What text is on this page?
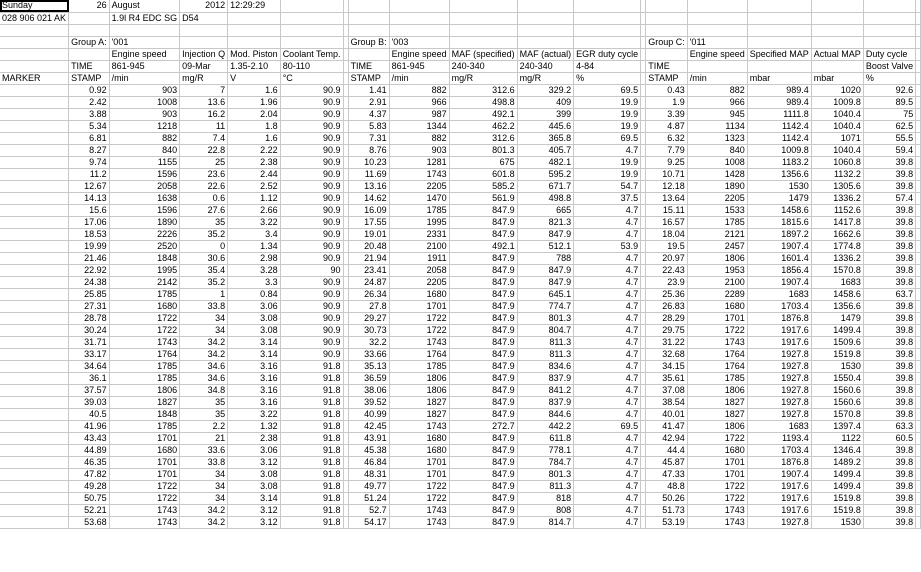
Sunday	26	August	2012	12:29:29														
028 906 021 AK		1.9l R4 EDC SG	D54															

	Group A:	'001					Group B:	'003					Group C:	'011				
		Engine speed	Injection Q	Mod. Piston	Coolant Temp.			Engine speed	MAF (specified)	MAF (actual)	EGR duty cycle			Engine speed	Specified MAP	Actual MAP	Duty cycle	
	TIME	861-945	09-Mar	1.35-2.10	80-110		TIME	861-945	240-340	240-340	4-84		TIME				Boost Valve	
MARKER	STAMP	/min	mg/R	V	°C		STAMP	/min	mg/R	mg/R	%		STAMP	/min	mbar	mbar	%	
	0.92	903	7	1.6	90.9		1.41	882	312.6	329.2	69.5		0.43	882	989.4	1020	92.6	
	2.42	1008	13.6	1.96	90.9		2.91	966	498.8	409	19.9		1.9	966	989.4	1009.8	89.5	
	3.88	903	16.2	2.04	90.9		4.37	987	492.1	399	19.9		3.39	945	1111.8	1040.4	75	
	5.34	1218	11	1.8	90.9		5.83	1344	462.2	445.6	19.9		4.87	1134	1142.4	1040.4	62.5	
	6.81	882	7.4	1.6	90.9		7.31	882	312.6	365.8	69.5		6.32	1323	1142.4	1071	55.5	
	8.27	840	22.8	2.22	90.9		8.76	903	801.3	405.7	4.7		7.79	840	1009.8	1040.4	59.4	
	9.74	1155	25	2.38	90.9		10.23	1281	675	482.1	19.9		9.25	1008	1183.2	1060.8	39.8	
	11.2	1596	23.6	2.44	90.9		11.69	1743	601.8	595.2	19.9		10.71	1428	1356.6	1132.2	39.8	
	12.67	2058	22.6	2.52	90.9		13.16	2205	585.2	671.7	54.7		12.18	1890	1530	1305.6	39.8	
	14.13	1638	0.6	1.12	90.9		14.62	1470	561.9	498.8	37.5		13.64	2205	1479	1336.2	57.4	
	15.6	1596	27.6	2.66	90.9		16.09	1785	847.9	665	4.7		15.11	1533	1458.6	1152.6	39.8	
	17.06	1890	35	3.22	90.9		17.55	1995	847.9	821.3	4.7		16.57	1785	1815.6	1417.8	39.8	
	18.53	2226	35.2	3.4	90.9		19.01	2331	847.9	847.9	4.7		18.04	2121	1897.2	1662.6	39.8	
	19.99	2520	0	1.34	90.9		20.48	2100	492.1	512.1	53.9		19.5	2457	1907.4	1774.8	39.8	
	21.46	1848	30.6	2.98	90.9		21.94	1911	847.9	788	4.7		20.97	1806	1601.4	1336.2	39.8	
	22.92	1995	35.4	3.28	90		23.41	2058	847.9	847.9	4.7		22.43	1953	1856.4	1570.8	39.8	
	24.38	2142	35.2	3.3	90.9		24.87	2205	847.9	847.9	4.7		23.9	2100	1907.4	1683	39.8	
	25.85	1785	1	0.84	90.9		26.34	1680	847.9	645.1	4.7		25.36	2289	1683	1458.6	63.7	
	27.31	1680	33.8	3.06	90.9		27.8	1701	847.9	774.7	4.7		26.83	1680	1703.4	1356.6	39.8	
	28.78	1722	34	3.08	90.9		29.27	1722	847.9	801.3	4.7		28.29	1701	1876.8	1479	39.8	
	30.24	1722	34	3.08	90.9		30.73	1722	847.9	804.7	4.7		29.75	1722	1917.6	1499.4	39.8	
	31.71	1743	34.2	3.14	90.9		32.2	1743	847.9	811.3	4.7		31.22	1743	1917.6	1509.6	39.8	
	33.17	1764	34.2	3.14	90.9		33.66	1764	847.9	811.3	4.7		32.68	1764	1927.8	1519.8	39.8	
	34.64	1785	34.6	3.16	91.8		35.13	1785	847.9	834.6	4.7		34.15	1764	1927.8	1530	39.8	
	36.1	1785	34.6	3.16	91.8		36.59	1806	847.9	837.9	4.7		35.61	1785	1927.8	1550.4	39.8	
	37.57	1806	34.8	3.16	91.8		38.06	1806	847.9	841.2	4.7		37.08	1806	1927.8	1560.6	39.8	
	39.03	1827	35	3.16	91.8		39.52	1827	847.9	837.9	4.7		38.54	1827	1927.8	1560.6	39.8	
	40.5	1848	35	3.22	91.8		40.99	1827	847.9	844.6	4.7		40.01	1827	1927.8	1570.8	39.8	
	41.96	1785	2.2	1.32	91.8		42.45	1743	272.7	442.2	69.5		41.47	1806	1683	1397.4	63.3	
	43.43	1701	21	2.38	91.8		43.91	1680	847.9	611.8	4.7		42.94	1722	1193.4	1122	60.5	
	44.89	1680	33.6	3.06	91.8		45.38	1680	847.9	778.1	4.7		44.4	1680	1703.4	1346.4	39.8	
	46.35	1701	33.8	3.12	91.8		46.84	1701	847.9	784.7	4.7		45.87	1701	1876.8	1489.2	39.8	
	47.82	1701	34	3.08	91.8		48.31	1701	847.9	801.3	4.7		47.33	1701	1907.4	1499.4	39.8	
	49.28	1722	34	3.08	91.8		49.77	1722	847.9	811.3	4.7		48.8	1722	1917.6	1499.4	39.8	
	50.75	1722	34	3.14	91.8		51.24	1722	847.9	818	4.7		50.26	1722	1917.6	1519.8	39.8	
	52.21	1743	34.2	3.12	91.8		52.7	1743	847.9	808	4.7		51.73	1743	1917.6	1519.8	39.8	
	53.68	1743	34.2	3.12	91.8		54.17	1743	847.9	814.7	4.7		53.19	1743	1927.8	1530	39.8	
